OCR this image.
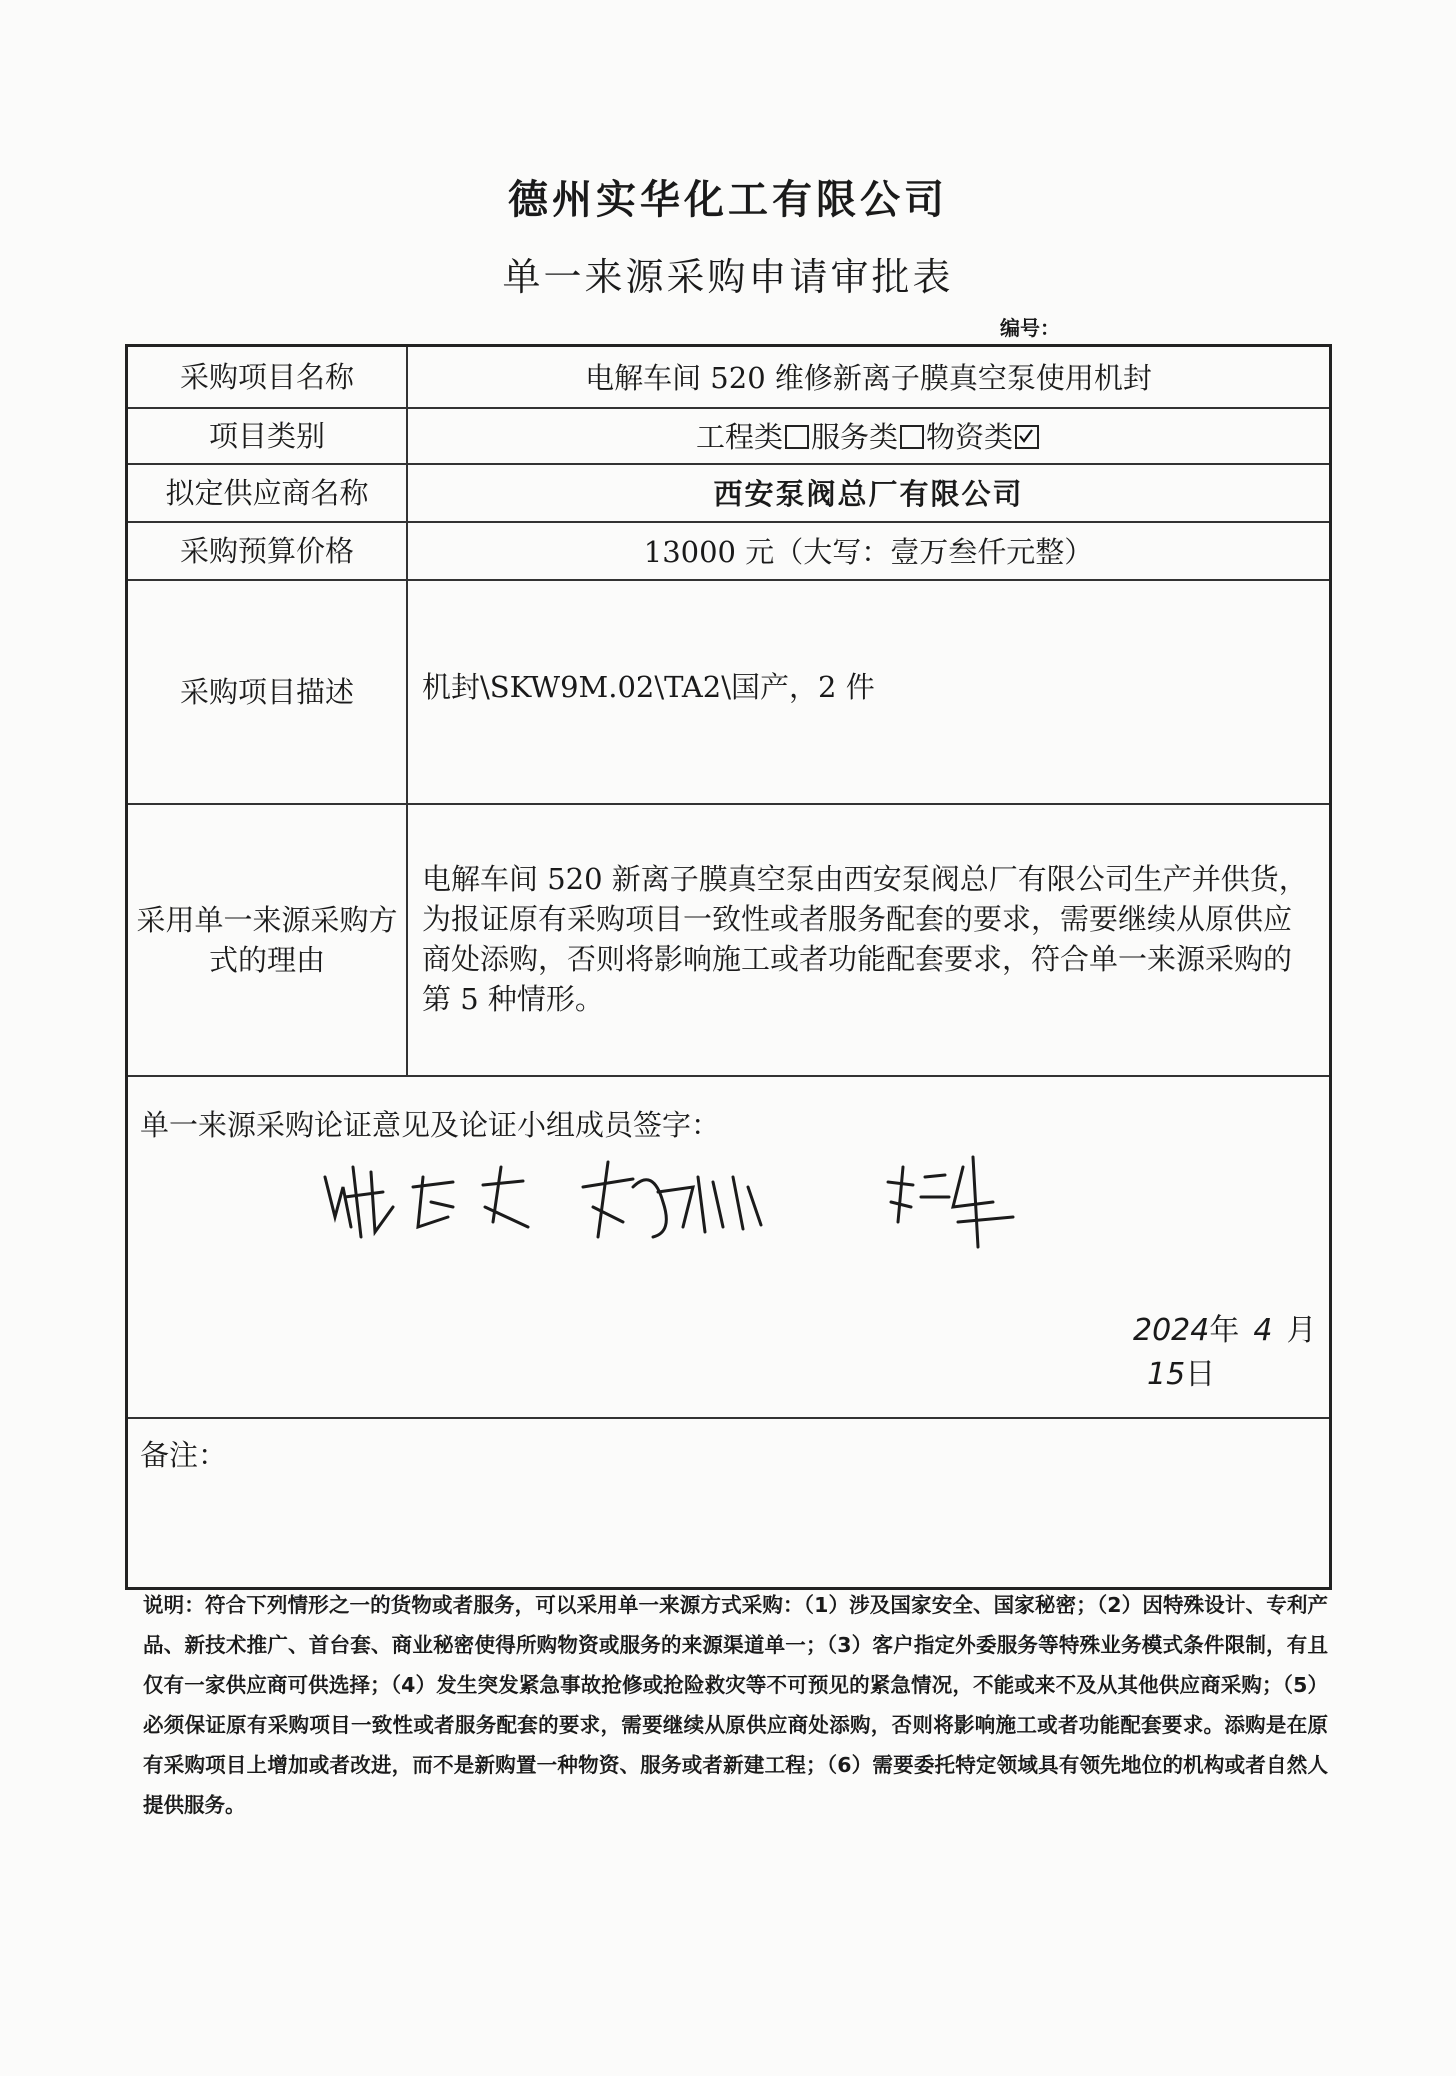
德州实华化工有限公司
单一来源采购申请审批表
编号：
采购项目名称	电解车间 520 维修新离子膜真空泵使用机封
项目类别	工程类 服务类 物资类

拟定供应商名称	西安泵阀总厂有限公司
采购预算价格	13000 元（大写：壹万叁仟元整）
采购项目描述	机封\SKW9M.02\TA2\国产，2 件
采用单一来源采购方式的理由	电解车间 520 新离子膜真空泵由西安泵阀总厂有限公司生产并供货，为报证原有采购项目一致性或者服务配套的要求，需要继续从原供应商处添购，否则将影响施工或者功能配套要求，符合单一来源采购的第 5 种情形。

单一来源采购论证意见及论证小组成员签字：
2024年 4 月15日	

备注：	
说明：符合下列情形之一的货物或者服务，可以采用单一来源方式采购：（1）涉及国家安全、国家秘密；（2）因特殊设计、专利产品、新技术推广、首台套、商业秘密使得所购物资或服务的来源渠道单一；（3）客户指定外委服务等特殊业务模式条件限制，有且仅有一家供应商可供选择；（4）发生突发紧急事故抢修或抢险救灾等不可预见的紧急情况，不能或来不及从其他供应商采购；（5）必须保证原有采购项目一致性或者服务配套的要求，需要继续从原供应商处添购，否则将影响施工或者功能配套要求。添购是在原有采购项目上增加或者改进，而不是新购置一种物资、服务或者新建工程；（6）需要委托特定领域具有领先地位的机构或者自然人提供服务。
